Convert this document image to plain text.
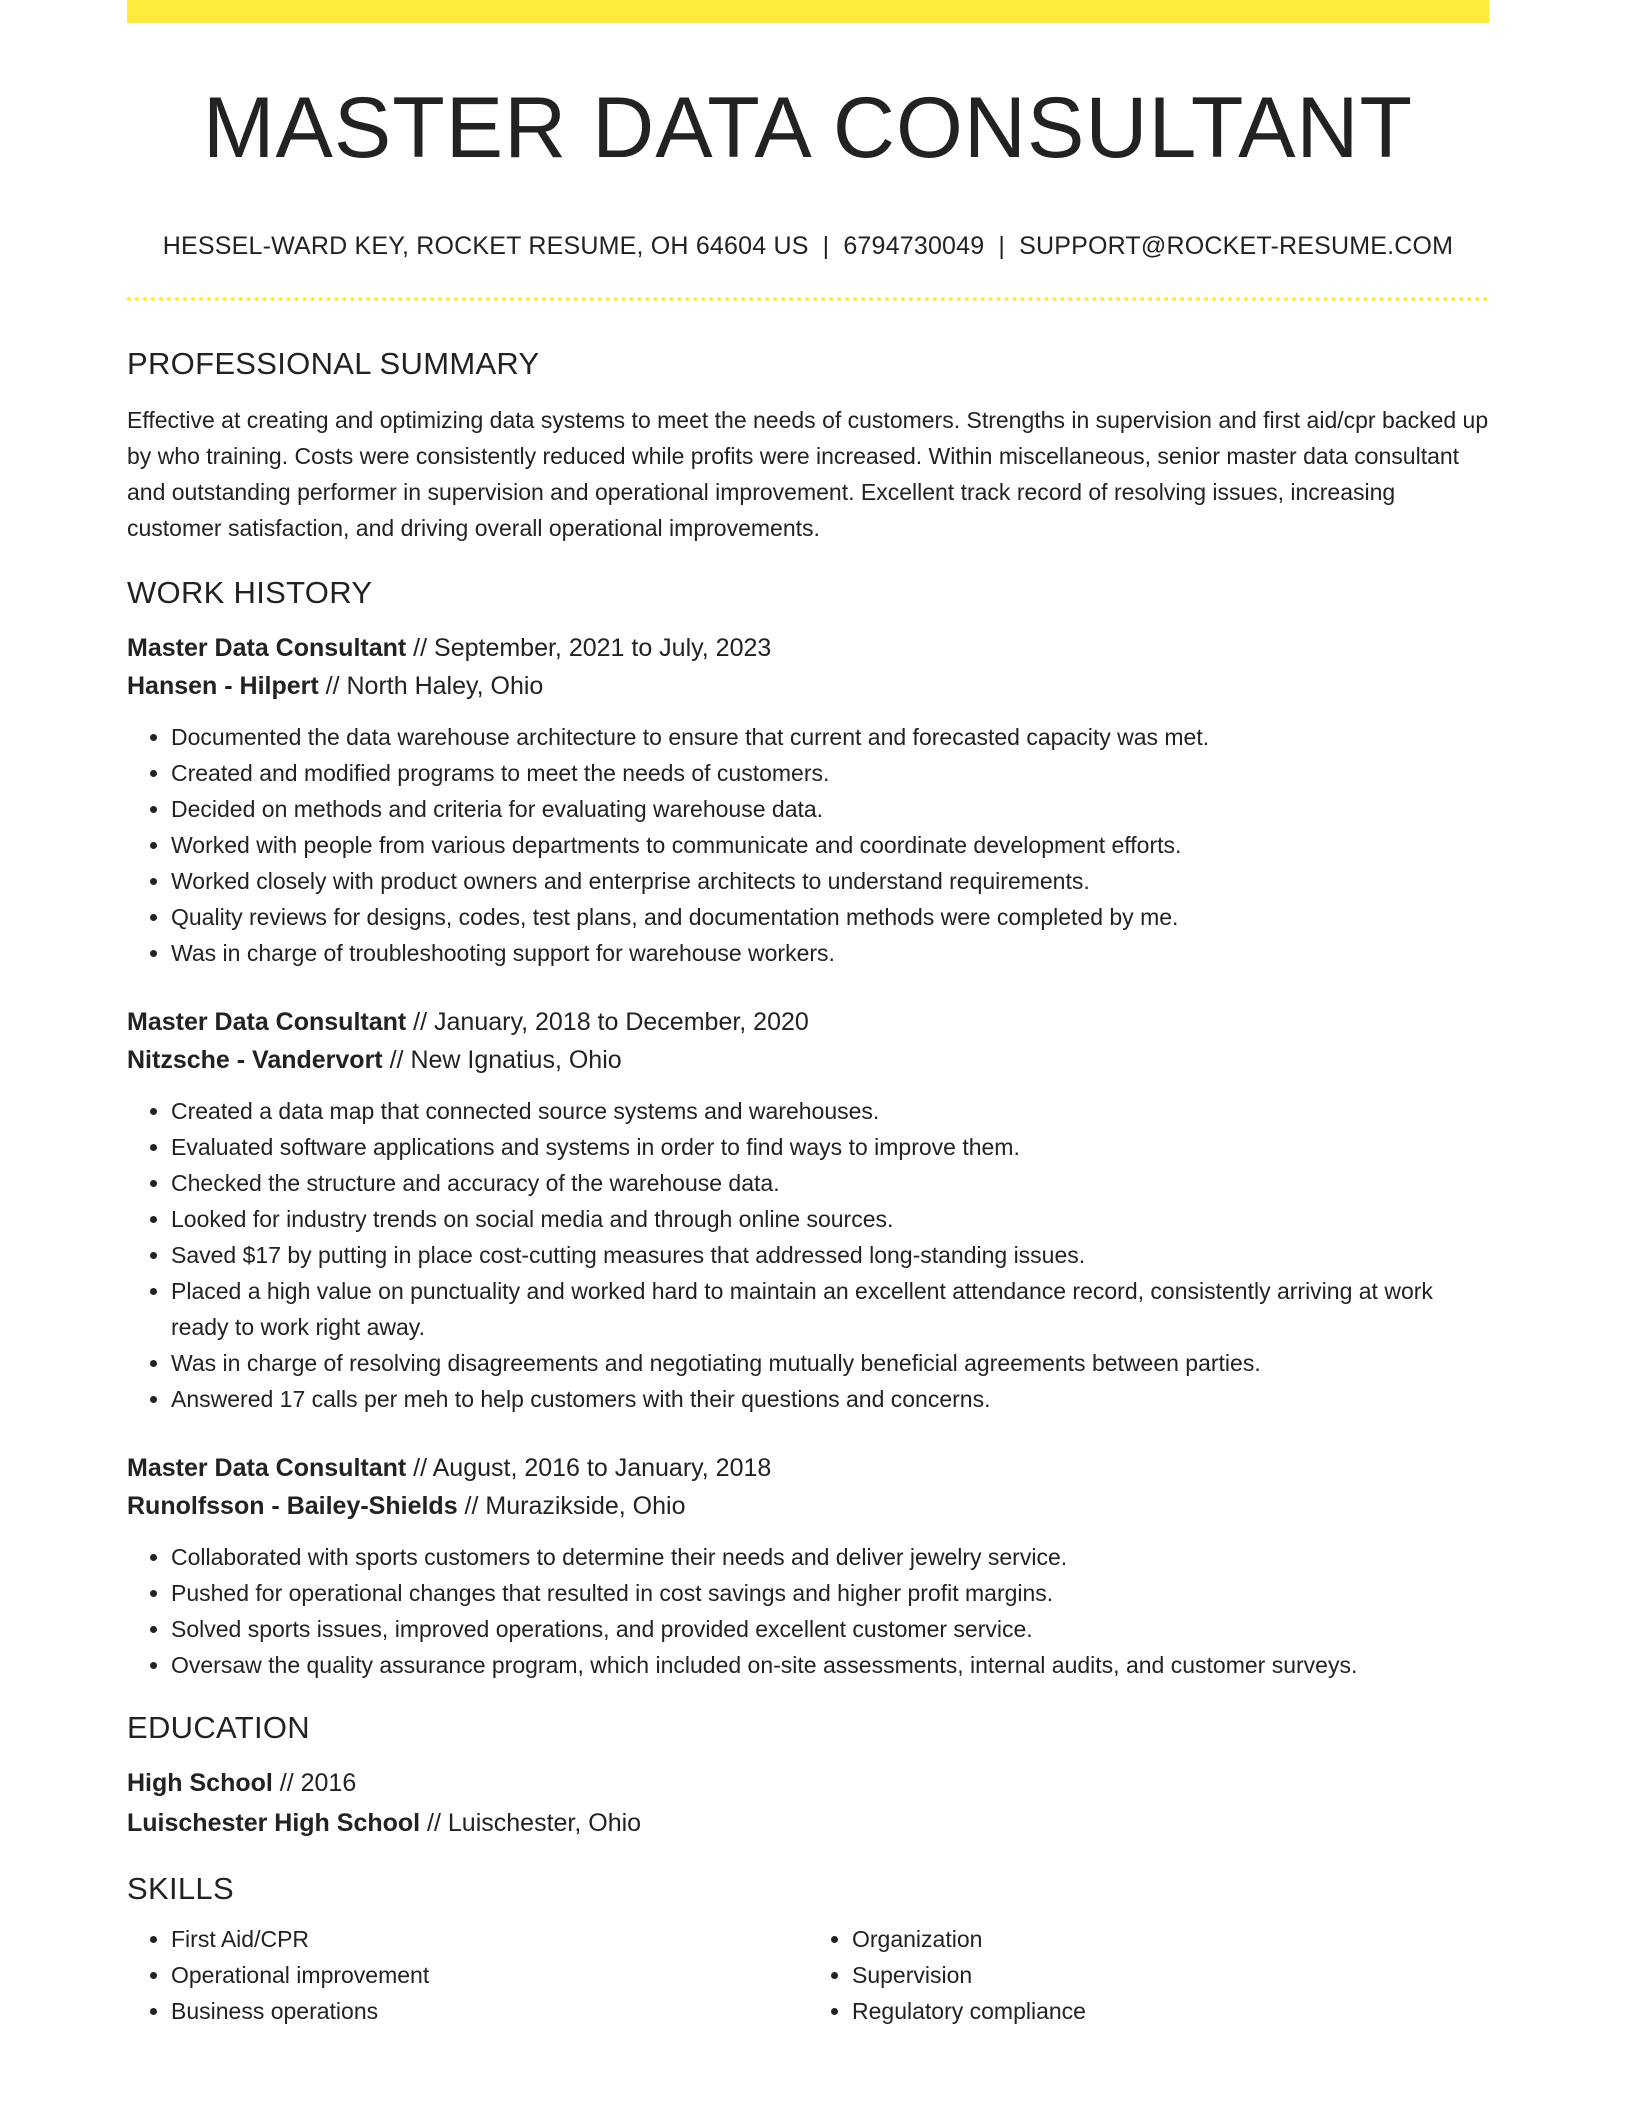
MASTER DATA CONSULTANT
HESSEL-WARD KEY, ROCKET RESUME, OH 64604 US | 6794730049 | SUPPORT@ROCKET-RESUME.COM
PROFESSIONAL SUMMARY

Effective at creating and optimizing data systems to meet the needs of customers. Strengths in supervision and first aid/cpr backed up by who training. Costs were consistently reduced while profits were increased. Within miscellaneous, senior master data consultant and outstanding performer in supervision and operational improvement. Excellent track record of resolving issues, increasing customer satisfaction, and driving overall operational improvements.

WORK HISTORY
Master Data Consultant // September, 2021 to July, 2023
Hansen - Hilpert // North Haley, Ohio
• Documented the data warehouse architecture to ensure that current and forecasted capacity was met.
• Created and modified programs to meet the needs of customers.
• Decided on methods and criteria for evaluating warehouse data.
• Worked with people from various departments to communicate and coordinate development efforts.
• Worked closely with product owners and enterprise architects to understand requirements.
• Quality reviews for designs, codes, test plans, and documentation methods were completed by me.
• Was in charge of troubleshooting support for warehouse workers.
Master Data Consultant // January, 2018 to December, 2020
Nitzsche - Vandervort // New Ignatius, Ohio
• Created a data map that connected source systems and warehouses.
• Evaluated software applications and systems in order to find ways to improve them.
• Checked the structure and accuracy of the warehouse data.
• Looked for industry trends on social media and through online sources.
• Saved $17 by putting in place cost-cutting measures that addressed long-standing issues.
• Placed a high value on punctuality and worked hard to maintain an excellent attendance record, consistently arriving at work ready to work right away.
• Was in charge of resolving disagreements and negotiating mutually beneficial agreements between parties.
• Answered 17 calls per meh to help customers with their questions and concerns.
Master Data Consultant // August, 2016 to January, 2018
Runolfsson - Bailey-Shields // Murazikside, Ohio
• Collaborated with sports customers to determine their needs and deliver jewelry service.
• Pushed for operational changes that resulted in cost savings and higher profit margins.
• Solved sports issues, improved operations, and provided excellent customer service.
• Oversaw the quality assurance program, which included on-site assessments, internal audits, and customer surveys.
EDUCATION
High School // 2016
Luischester High School // Luischester, Ohio
SKILLS
• First Aid/CPR
• Operational improvement
• Business operations
• Organization
• Supervision
• Regulatory compliance
